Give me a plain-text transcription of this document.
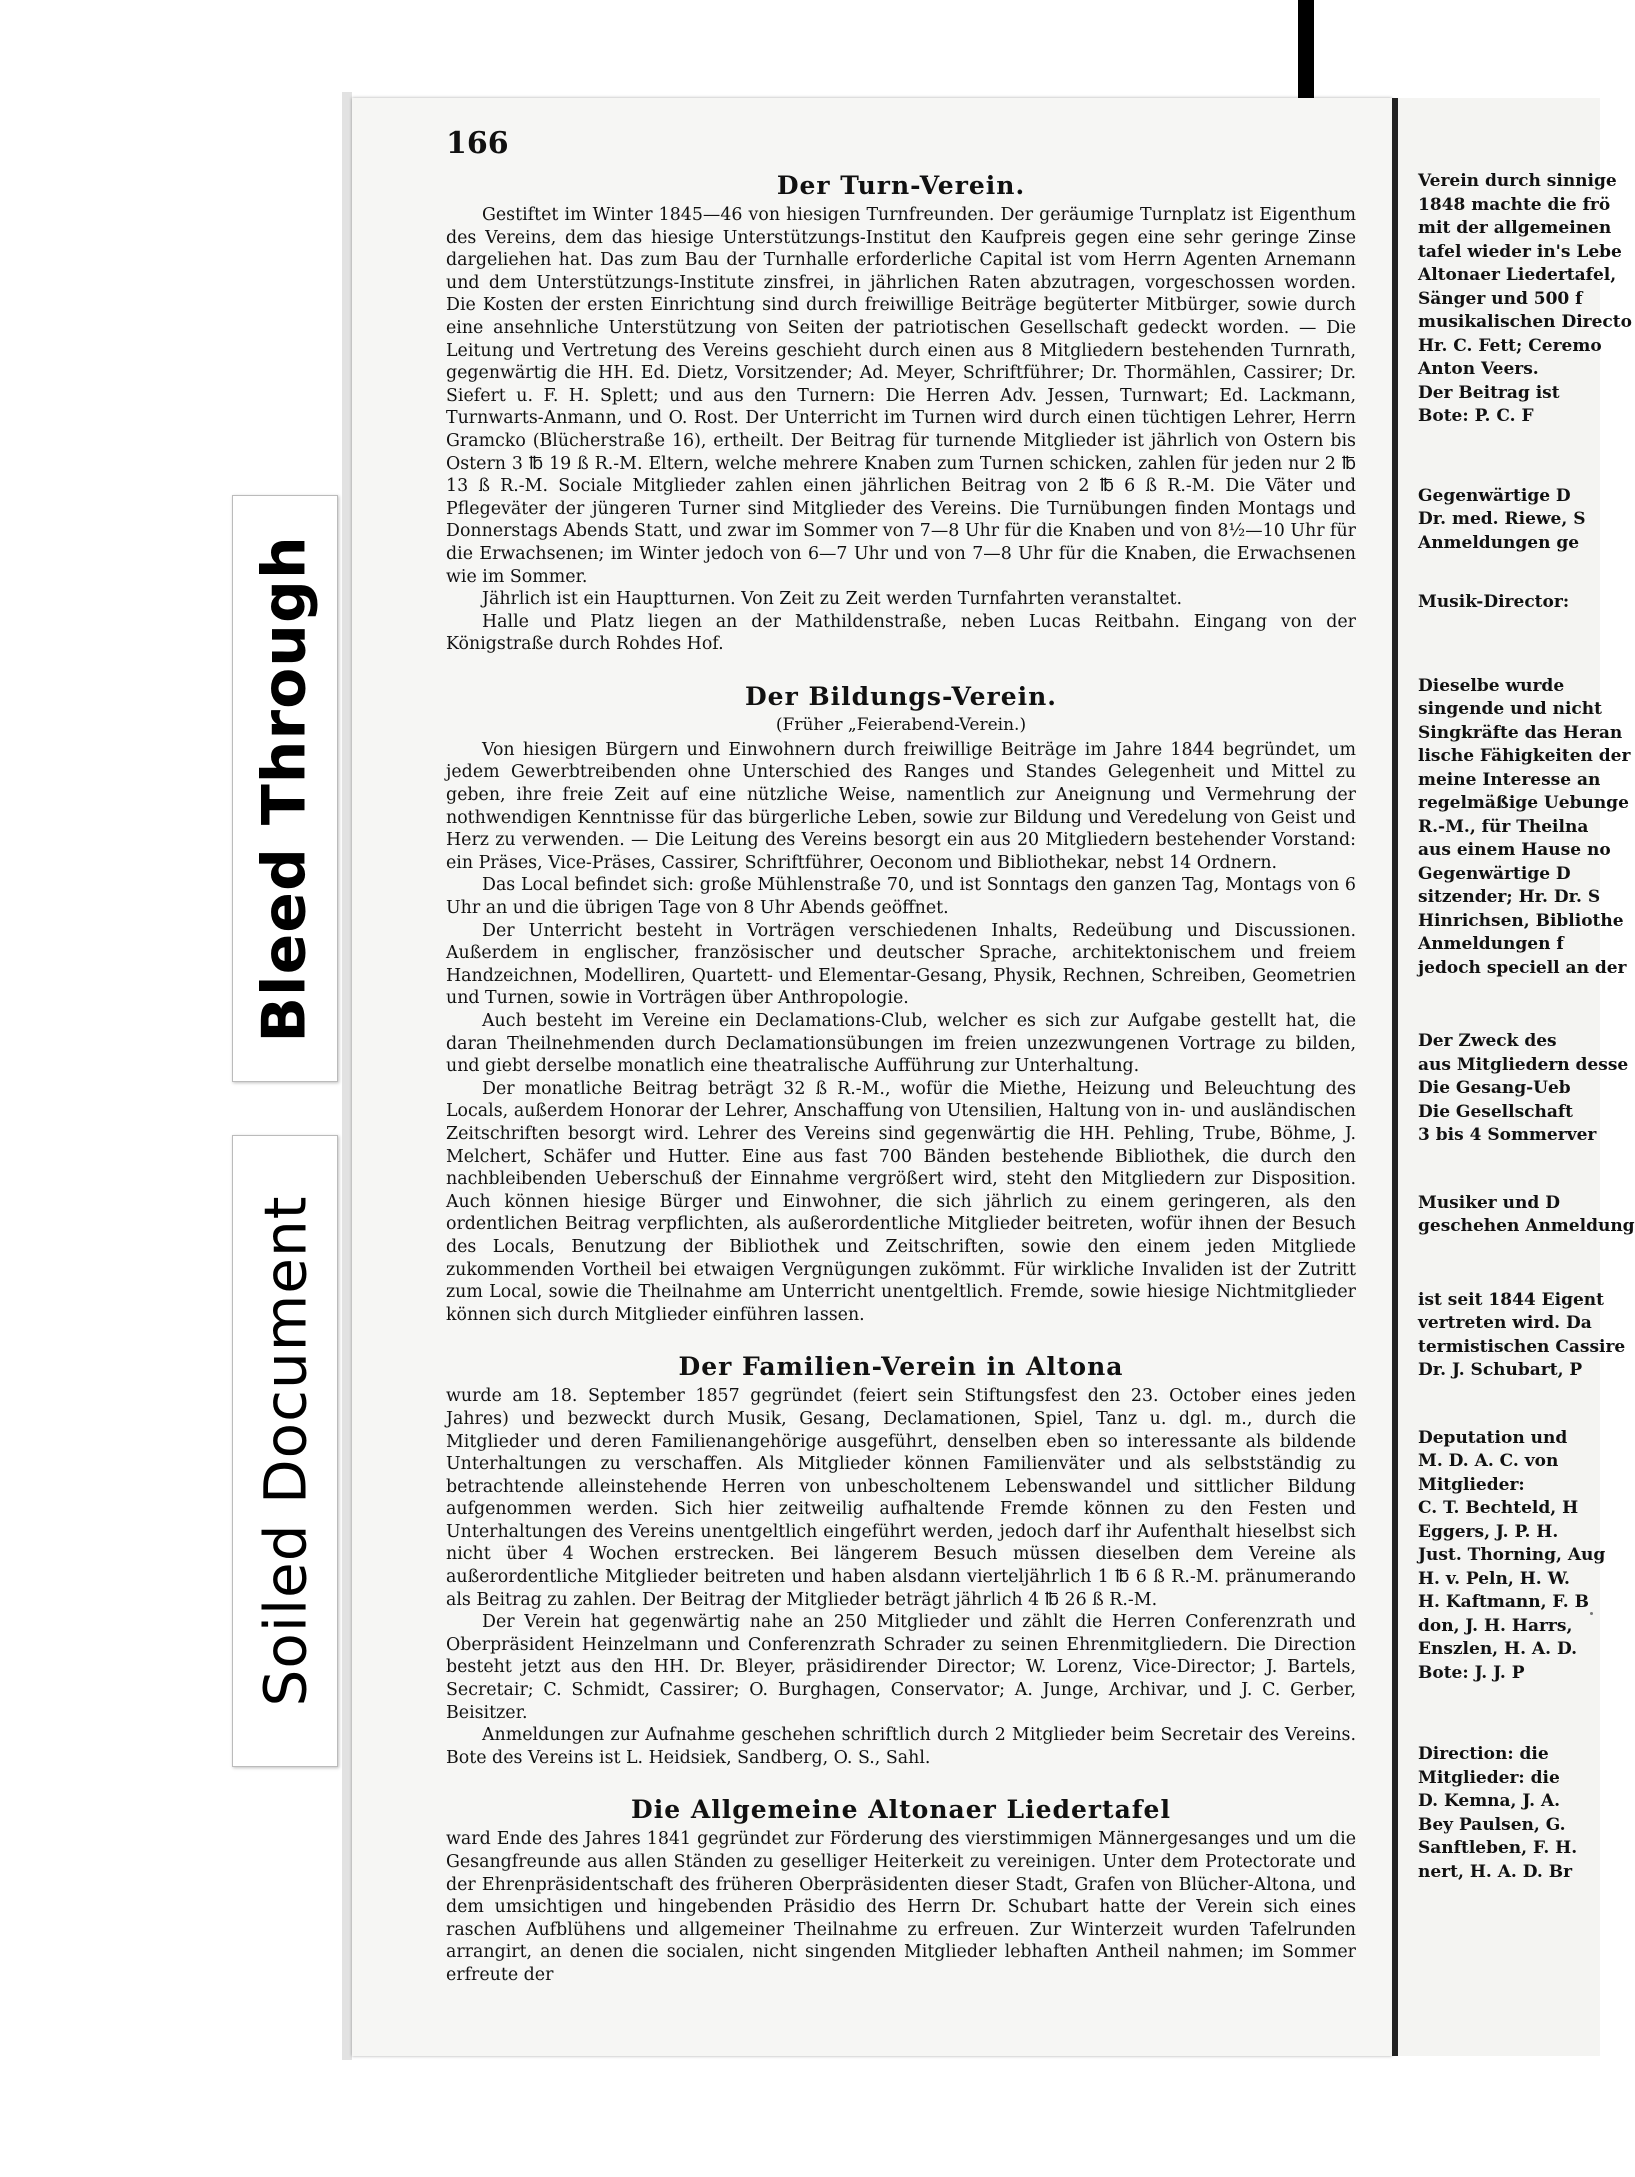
Bleed Through
Soiled Document
166
Der Turn-Verein.

Gestiftet im Winter 1845—46 von hiesigen Turnfreunden. Der geräumige Turnplatz ist Eigenthum des Vereins, dem das hiesige Unterstützungs-Institut den Kaufpreis gegen eine sehr geringe Zinse dargeliehen hat. Das zum Bau der Turnhalle erforderliche Capital ist vom Herrn Agenten Arnemann und dem Unterstützungs-Institute zinsfrei, in jährlichen Raten abzutragen, vorgeschossen worden. Die Kosten der ersten Einrichtung sind durch freiwillige Beiträge begüterter Mitbürger, sowie durch eine ansehnliche Unterstützung von Seiten der patriotischen Gesellschaft gedeckt worden. — Die Leitung und Vertretung des Vereins geschieht durch einen aus 8 Mitgliedern bestehenden Turnrath, gegenwärtig die HH. Ed. Dietz, Vorsitzender; Ad. Meyer, Schriftführer; Dr. Thormählen, Cassirer; Dr. Siefert u. F. H. Splett; und aus den Turnern: Die Herren Adv. Jessen, Turnwart; Ed. Lackmann, Turnwarts-Anmann, und O. Rost. Der Unterricht im Turnen wird durch einen tüchtigen Lehrer, Herrn Gramcko (Blücherstraße 16), ertheilt. Der Beitrag für turnende Mitglieder ist jährlich von Ostern bis Ostern 3 ℔ 19 ß R.-M. Eltern, welche mehrere Knaben zum Turnen schicken, zahlen für jeden nur 2 ℔ 13 ß R.-M. Sociale Mitglieder zahlen einen jährlichen Beitrag von 2 ℔ 6 ß R.-M. Die Väter und Pflegeväter der jüngeren Turner sind Mitglieder des Vereins. Die Turnübungen finden Montags und Donnerstags Abends Statt, und zwar im Sommer von 7—8 Uhr für die Knaben und von 8½—10 Uhr für die Erwachsenen; im Winter jedoch von 6—7 Uhr und von 7—8 Uhr für die Knaben, die Erwachsenen wie im Sommer.

Jährlich ist ein Hauptturnen. Von Zeit zu Zeit werden Turnfahrten veranstaltet.

Halle und Platz liegen an der Mathildenstraße, neben Lucas Reitbahn. Eingang von der Königstraße durch Rohdes Hof.

Der Bildungs-Verein.
(Früher „Feierabend-Verein.)

Von hiesigen Bürgern und Einwohnern durch freiwillige Beiträge im Jahre 1844 begründet, um jedem Gewerbtreibenden ohne Unterschied des Ranges und Standes Gelegenheit und Mittel zu geben, ihre freie Zeit auf eine nützliche Weise, namentlich zur Aneignung und Vermehrung der nothwendigen Kenntnisse für das bürgerliche Leben, sowie zur Bildung und Veredelung von Geist und Herz zu verwenden. — Die Leitung des Vereins besorgt ein aus 20 Mitgliedern bestehender Vorstand: ein Präses, Vice-Präses, Cassirer, Schriftführer, Oeconom und Bibliothekar, nebst 14 Ordnern.

Das Local befindet sich: große Mühlenstraße 70, und ist Sonntags den ganzen Tag, Montags von 6 Uhr an und die übrigen Tage von 8 Uhr Abends geöffnet.

Der Unterricht besteht in Vorträgen verschiedenen Inhalts, Redeübung und Discussionen. Außerdem in englischer, französischer und deutscher Sprache, architektonischem und freiem Handzeichnen, Modelliren, Quartett- und Elementar-Gesang, Physik, Rechnen, Schreiben, Geometrien und Turnen, sowie in Vorträgen über Anthropologie.

Auch besteht im Vereine ein Declamations-Club, welcher es sich zur Aufgabe gestellt hat, die daran Theilnehmenden durch Declamationsübungen im freien unzezwungenen Vortrage zu bilden, und giebt derselbe monatlich eine theatralische Aufführung zur Unterhaltung.

Der monatliche Beitrag beträgt 32 ß R.-M., wofür die Miethe, Heizung und Beleuchtung des Locals, außerdem Honorar der Lehrer, Anschaffung von Utensilien, Haltung von in- und ausländischen Zeitschriften besorgt wird. Lehrer des Vereins sind gegenwärtig die HH. Pehling, Trube, Böhme, J. Melchert, Schäfer und Hutter. Eine aus fast 700 Bänden bestehende Bibliothek, die durch den nachbleibenden Ueberschuß der Einnahme vergrößert wird, steht den Mitgliedern zur Disposition. Auch können hiesige Bürger und Einwohner, die sich jährlich zu einem geringeren, als den ordentlichen Beitrag verpflichten, als außerordentliche Mitglieder beitreten, wofür ihnen der Besuch des Locals, Benutzung der Bibliothek und Zeitschriften, sowie den einem jeden Mitgliede zukommenden Vortheil bei etwaigen Vergnügungen zukömmt. Für wirkliche Invaliden ist der Zutritt zum Local, sowie die Theilnahme am Unterricht unentgeltlich. Fremde, sowie hiesige Nichtmitglieder können sich durch Mitglieder einführen lassen.

Der Familien-Verein in Altona

wurde am 18. September 1857 gegründet (feiert sein Stiftungsfest den 23. October eines jeden Jahres) und bezweckt durch Musik, Gesang, Declamationen, Spiel, Tanz u. dgl. m., durch die Mitglieder und deren Familienangehörige ausgeführt, denselben eben so interessante als bildende Unterhaltungen zu verschaffen. Als Mitglieder können Familienväter und als selbstständig zu betrachtende alleinstehende Herren von unbescholtenem Lebenswandel und sittlicher Bildung aufgenommen werden. Sich hier zeitweilig aufhaltende Fremde können zu den Festen und Unterhaltungen des Vereins unentgeltlich eingeführt werden, jedoch darf ihr Aufenthalt hieselbst sich nicht über 4 Wochen erstrecken. Bei längerem Besuch müssen dieselben dem Vereine als außerordentliche Mitglieder beitreten und haben alsdann vierteljährlich 1 ℔ 6 ß R.-M. pränumerando als Beitrag zu zahlen. Der Beitrag der Mitglieder beträgt jährlich 4 ℔ 26 ß R.-M.

Der Verein hat gegenwärtig nahe an 250 Mitglieder und zählt die Herren Conferenzrath und Oberpräsident Heinzelmann und Conferenzrath Schrader zu seinen Ehrenmitgliedern. Die Direction besteht jetzt aus den HH. Dr. Bleyer, präsidirender Director; W. Lorenz, Vice-Director; J. Bartels, Secretair; C. Schmidt, Cassirer; O. Burghagen, Conservator; A. Junge, Archivar, und J. C. Gerber, Beisitzer.

Anmeldungen zur Aufnahme geschehen schriftlich durch 2 Mitglieder beim Secretair des Vereins. Bote des Vereins ist L. Heidsiek, Sandberg, O. S., Sahl.

Die Allgemeine Altonaer Liedertafel

ward Ende des Jahres 1841 gegründet zur Förderung des vierstimmigen Männergesanges und um die Gesangfreunde aus allen Ständen zu geselliger Heiterkeit zu vereinigen. Unter dem Protectorate und der Ehrenpräsidentschaft des früheren Oberpräsidenten dieser Stadt, Grafen von Blücher-Altona, und dem umsichtigen und hingebenden Präsidio des Herrn Dr. Schubart hatte der Verein sich eines raschen Aufblühens und allgemeiner Theilnahme zu erfreuen. Zur Winterzeit wurden Tafelrunden arrangirt, an denen die socialen, nicht singenden Mitglieder lebhaften Antheil nahmen; im Sommer erfreute der

Verein durch sinnige
1848 machte die frö
mit der allgemeinen
tafel wieder in's Lebe
Altonaer Liedertafel,
Sänger und 500 f
musikalischen Directo
Hr. C. Fett; Ceremo
Anton Veers.
Der Beitrag ist
Bote: P. C. F
Gegenwärtige D
Dr. med. Riewe, S
Anmeldungen ge
Musik-Director:
Dieselbe wurde
singende und nicht
Singkräfte das Heran
lische Fähigkeiten der
meine Interesse an
regelmäßige Uebunge
R.-M., für Theilna
aus einem Hause no
Gegenwärtige D
sitzender; Hr. Dr. S
Hinrichsen, Bibliothe
Anmeldungen f
jedoch speciell an der
Der Zweck des
aus Mitgliedern desse
Die Gesang-Ueb
Die Gesellschaft
3 bis 4 Sommerver
Musiker und D
geschehen Anmeldung
ist seit 1844 Eigent
vertreten wird. Da
termistischen Cassire
Dr. J. Schubart, P
Deputation und
M. D. A. C. von
Mitglieder:
C. T. Bechteld, H
Eggers, J. P. H.
Just. Thorning, Aug
H. v. Peln, H. W.
H. Kaftmann, F. B
don, J. H. Harrs,
Enszlen, H. A. D.
Bote: J. J. P
Direction: die
Mitglieder: die
D. Kemna, J. A.
Bey Paulsen, G.
Sanftleben, F. H.
nert, H. A. D. Br
